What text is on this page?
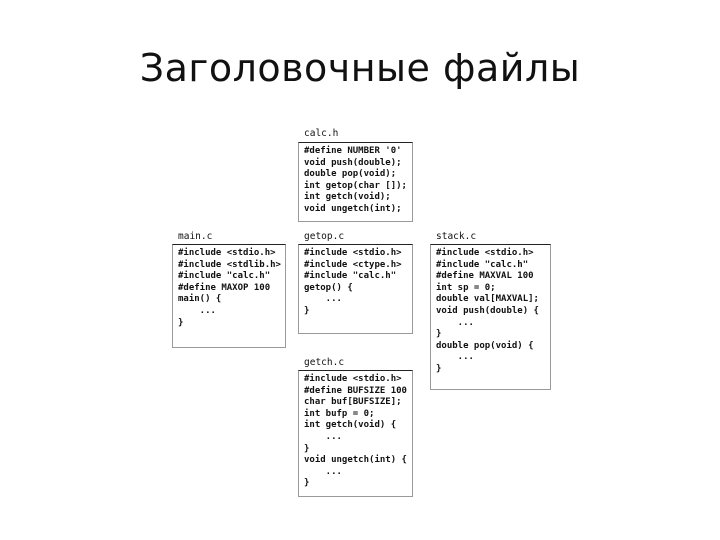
Заголовочные файлы
calc.h
#define NUMBER '0'
void push(double);
double pop(void);
int getop(char []);
int getch(void);
void ungetch(int);
main.c
#include <stdio.h>
#include <stdlib.h>
#include "calc.h"
#define MAXOP 100
main() {
...
}
getop.c
#include <stdio.h>
#include <ctype.h>
#include "calc.h"
getop() {
...
}
stack.c
#include <stdio.h>
#include "calc.h"
#define MAXVAL 100
int sp = 0;
double val[MAXVAL];
void push(double) {
...
}
double pop(void) {
...
}
getch.c
#include <stdio.h>
#define BUFSIZE 100
char buf[BUFSIZE];
int bufp = 0;
int getch(void) {
...
}
void ungetch(int) {
...
}
